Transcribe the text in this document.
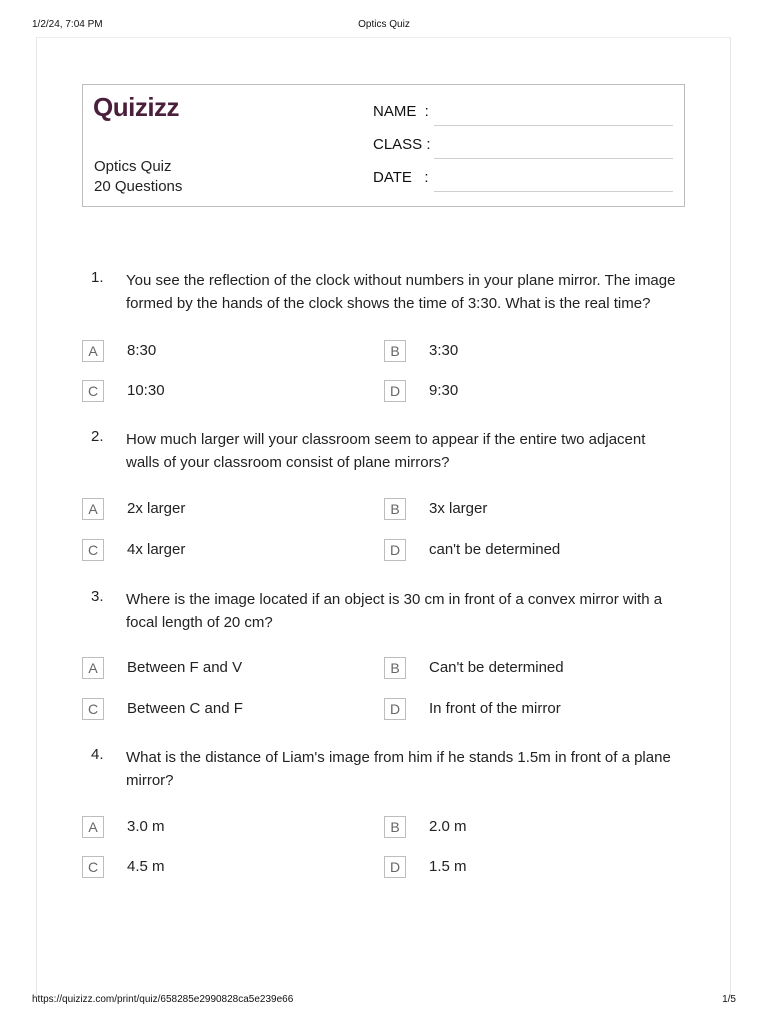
1/2/24, 7:04 PM	Optics Quiz
Quizizz
Optics Quiz
20 Questions
NAME  :
CLASS :
DATE   :
1. You see the reflection of the clock without numbers in your plane mirror. The image formed by the hands of the clock shows the time of 3:30. What is the real time?
A	8:30	B	3:30
C	10:30	D	9:30
2. How much larger will your classroom seem to appear if the entire two adjacent walls of your classroom consist of plane mirrors?
A	2x larger	B	3x larger
C	4x larger	D	can't be determined
3. Where is the image located if an object is 30 cm in front of a convex mirror with a focal length of 20 cm?
A	Between F and V	B	Can't be determined
C	Between C and F	D	In front of the mirror
4. What is the distance of Liam's image from him if he stands 1.5m in front of a plane mirror?
A	3.0 m	B	2.0 m
C	4.5 m	D	1.5 m
https://quizizz.com/print/quiz/658285e2990828ca5e239e66	1/5
